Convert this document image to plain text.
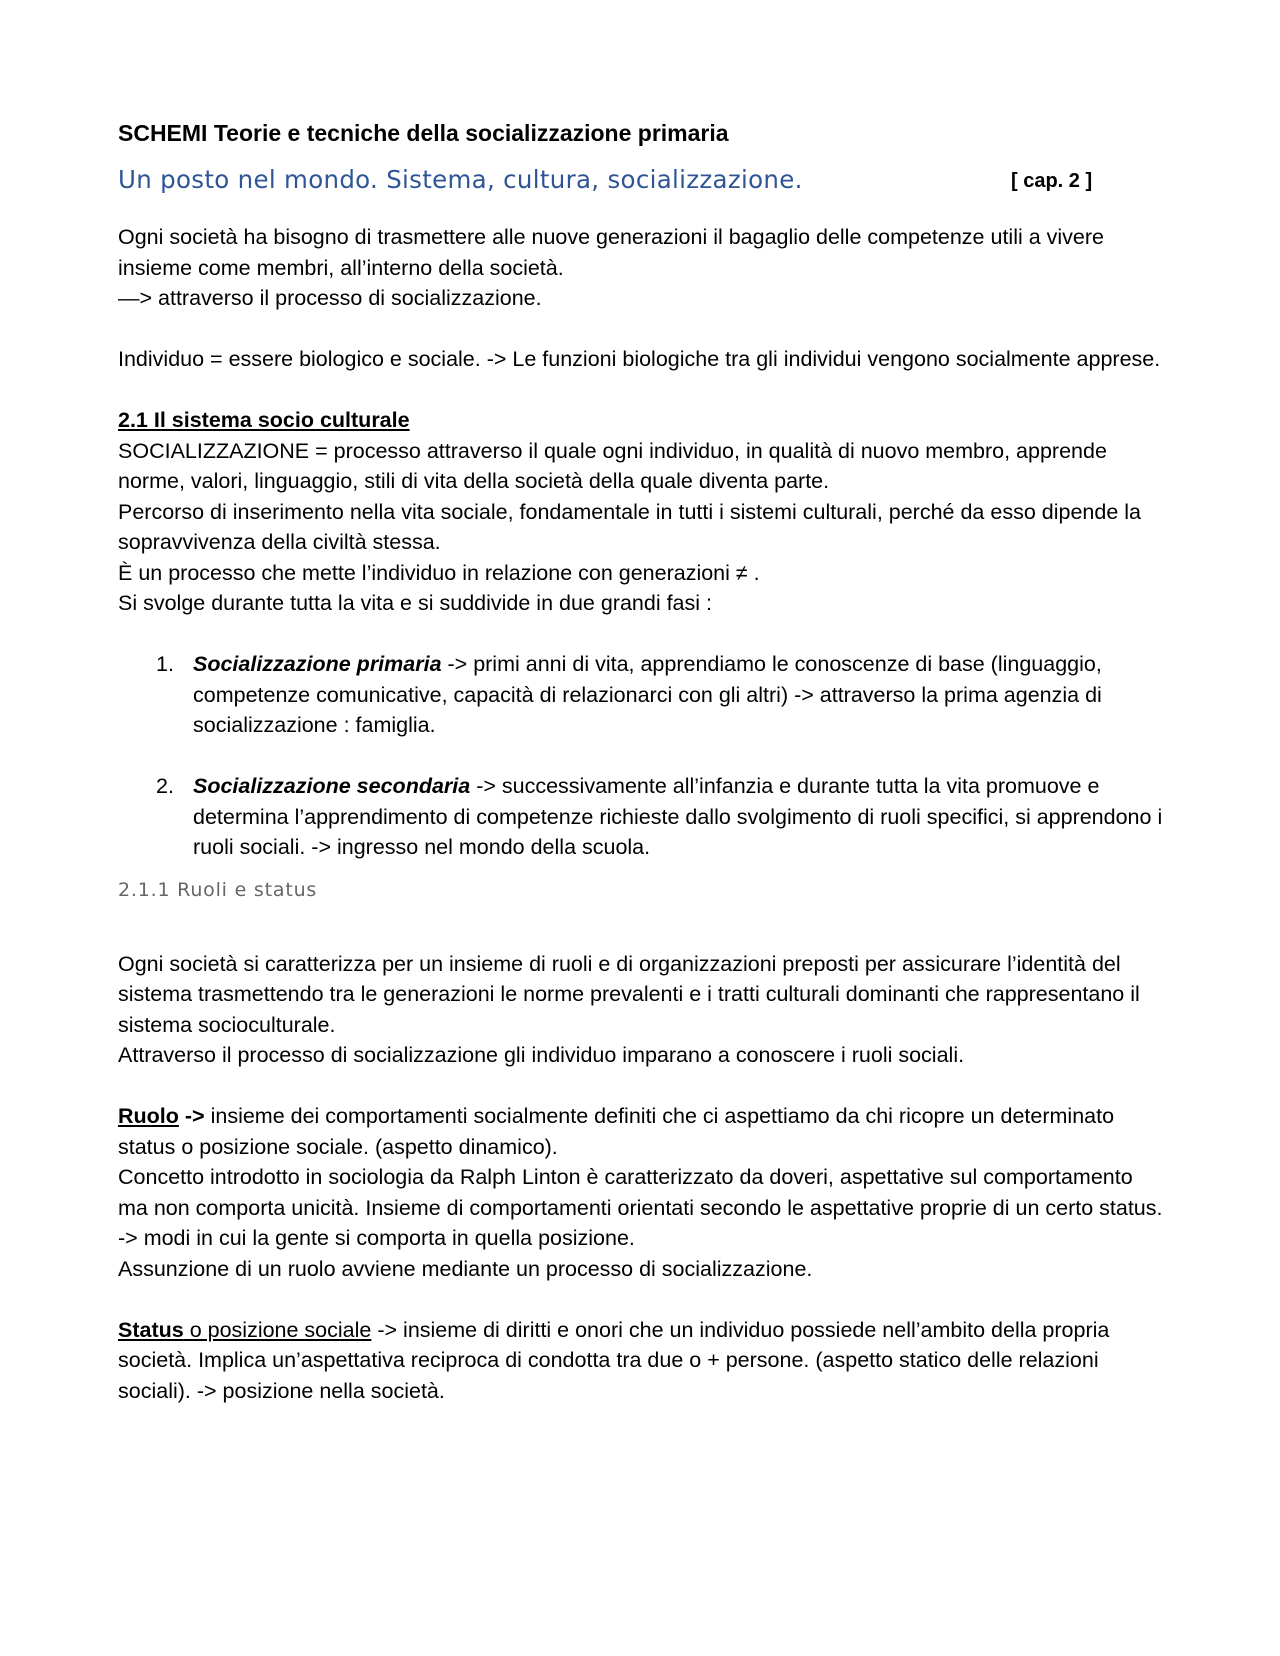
SCHEMI Teorie e tecniche della socializzazione primaria

Un posto nel mondo. Sistema, cultura, socializzazione.	[ cap. 2 ]

Ogni società ha bisogno di trasmettere alle nuove generazioni il bagaglio delle competenze utili a vivere insieme come membri, all’interno della società.

—> attraverso il processo di socializzazione.

Individuo = essere biologico e sociale. -> Le funzioni biologiche tra gli individui vengono socialmente apprese.

2.1 Il sistema socio culturale

SOCIALIZZAZIONE = processo attraverso il quale ogni individuo, in qualità di nuovo membro, apprende norme, valori, linguaggio, stili di vita della società della quale diventa parte.

Percorso di inserimento nella vita sociale, fondamentale in tutti i sistemi culturali, perché da esso dipende la sopravvivenza della civiltà stessa.

È un processo che mette l’individuo in relazione con generazioni ≠ .

Si svolge durante tutta la vita e si suddivide in due grandi fasi :

1. Socializzazione primaria -> primi anni di vita, apprendiamo le conoscenze di base (linguaggio, competenze comunicative, capacità di relazionarci con gli altri) -> attraverso la prima agenzia di socializzazione : famiglia.
2. Socializzazione secondaria -> successivamente all’infanzia e durante tutta la vita promuove e determina l’apprendimento di competenze richieste dallo svolgimento di ruoli specifici, si apprendono i ruoli sociali. -> ingresso nel mondo della scuola.

2.1.1 Ruoli e status

Ogni società si caratterizza per un insieme di ruoli e di organizzazioni preposti per assicurare l’identità del sistema trasmettendo tra le generazioni le norme prevalenti e i tratti culturali dominanti che rappresentano il sistema socioculturale.

Attraverso il processo di socializzazione gli individuo imparano a conoscere i ruoli sociali.

Ruolo -> insieme dei comportamenti socialmente definiti che ci aspettiamo da chi ricopre un determinato status o posizione sociale. (aspetto dinamico).

Concetto introdotto in sociologia da Ralph Linton è caratterizzato da doveri, aspettative sul comportamento ma non comporta unicità. Insieme di comportamenti orientati secondo le aspettative proprie di un certo status. -> modi in cui la gente si comporta in quella posizione.

Assunzione di un ruolo avviene mediante un processo di socializzazione.

Status o posizione sociale -> insieme di diritti e onori che un individuo possiede nell’ambito della propria società. Implica un’aspettativa reciproca di condotta tra due o + persone. (aspetto statico delle relazioni sociali). -> posizione nella società.
